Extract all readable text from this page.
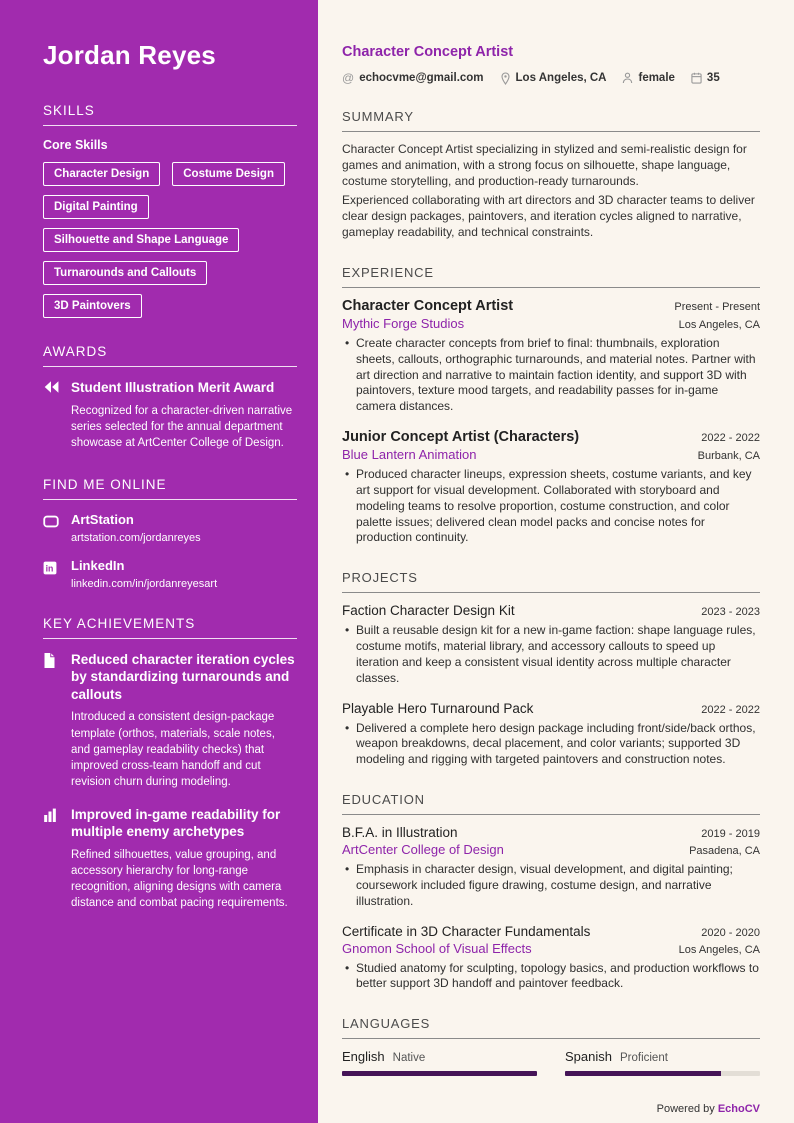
Jordan Reyes
SKILLS
Core Skills
Character Design	Costume Design
Digital Painting
Silhouette and Shape Language
Turnarounds and Callouts
3D Paintovers
AWARDS
Student Illustration Merit Award
Recognized for a character-driven narrative series selected for the annual department showcase at ArtCenter College of Design.
FIND ME ONLINE
ArtStation
artstation.com/jordanreyes
in LinkedIn
linkedin.com/in/jordanreyesart
KEY ACHIEVEMENTS
Reduced character iteration cycles by standardizing turnarounds and callouts
Introduced a consistent design-package template (orthos, materials, scale notes, and gameplay readability checks) that improved cross-team handoff and cut revision churn during modeling.
Improved in-game readability for multiple enemy archetypes
Refined silhouettes, value grouping, and accessory hierarchy for long-range recognition, aligning designs with camera distance and combat pacing requirements.
Character Concept Artist
@ echocvme@gmail.com	Los Angeles, CA	female	35
SUMMARY

Character Concept Artist specializing in stylized and semi-realistic design for games and animation, with a strong focus on silhouette, shape language, costume storytelling, and production-ready turnarounds.

Experienced collaborating with art directors and 3D character teams to deliver clear design packages, paintovers, and iteration cycles aligned to narrative, gameplay readability, and technical constraints.

EXPERIENCE
Character Concept Artist	Present - Present
Mythic Forge Studios	Los Angeles, CA
• Create character concepts from brief to final: thumbnails, exploration sheets, callouts, orthographic turnarounds, and material notes. Partner with art direction and narrative to maintain faction identity, and support 3D with paintovers, texture mood targets, and readability passes for in-game camera distances.
Junior Concept Artist (Characters)	2022 - 2022
Blue Lantern Animation	Burbank, CA
• Produced character lineups, expression sheets, costume variants, and key art support for visual development. Collaborated with storyboard and modeling teams to resolve proportion, costume construction, and color palette issues; delivered clean model packs and concise notes for production continuity.
PROJECTS
Faction Character Design Kit	2023 - 2023
• Built a reusable design kit for a new in-game faction: shape language rules, costume motifs, material library, and accessory callouts to speed up iteration and keep a consistent visual identity across multiple character classes.
Playable Hero Turnaround Pack	2022 - 2022
• Delivered a complete hero design package including front/side/back orthos, weapon breakdowns, decal placement, and color variants; supported 3D modeling and rigging with targeted paintovers and construction notes.
EDUCATION
B.F.A. in Illustration	2019 - 2019
ArtCenter College of Design	Pasadena, CA
• Emphasis in character design, visual development, and digital painting; coursework included figure drawing, costume design, and narrative illustration.
Certificate in 3D Character Fundamentals	2020 - 2020
Gnomon School of Visual Effects	Los Angeles, CA
• Studied anatomy for sculpting, topology basics, and production workflows to better support 3D handoff and paintover feedback.
LANGUAGES
English Native	Spanish Proficient
Powered by EchoCV
